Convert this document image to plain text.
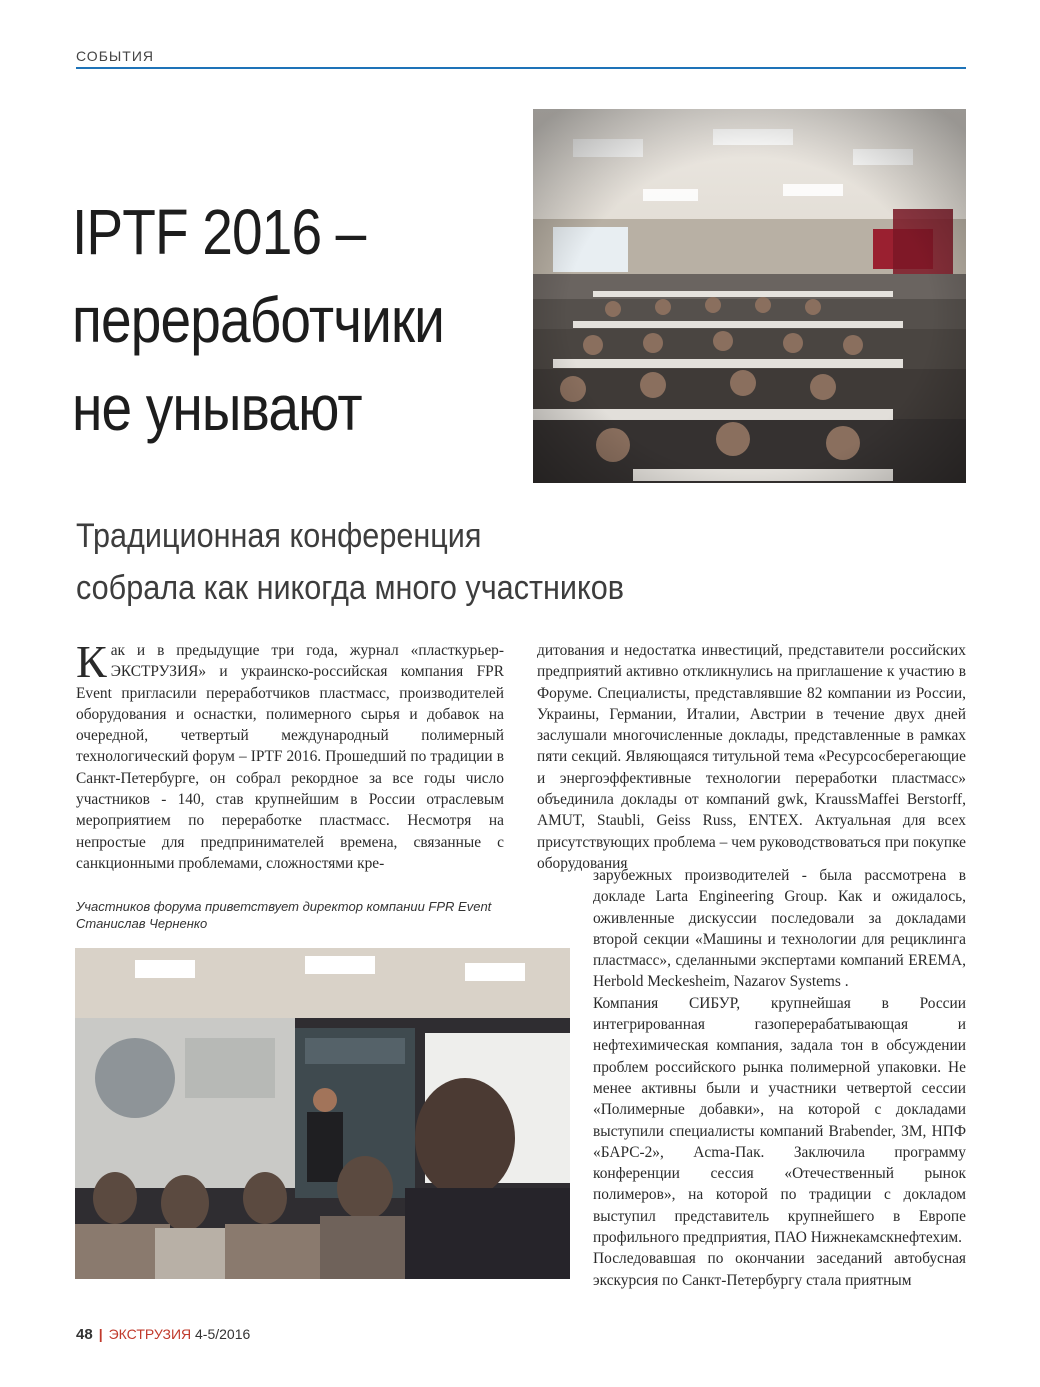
СОБЫТИЯ
IPTF 2016 –
переработчики
не унывают
Традиционная конференция
собрала как никогда много участников

Как и в предыдущие три года, журнал «пласткурьер-ЭКСТРУЗИЯ» и украинско-российская компания FPR Event пригласили переработчиков пластмасс, производителей оборудования и оснастки, полимерного сырья и добавок на очередной, четвертый международный полимерный технологический форум – IPTF 2016. Прошедший по традиции в Санкт-Петербурге, он собрал рекордное за все годы число участников - 140, став крупнейшим в России отраслевым мероприятием по переработке пластмасс. Несмотря на непростые для предпринимателей времена, связанные с санкционными проблемами, сложностями кре-

дитования и недостатка инвестиций, представители российских предприятий активно откликнулись на приглашение к участию в Форуме. Специалисты, представлявшие 82 компании из России, Украины, Германии, Италии, Австрии в течение двух дней заслушали многочисленные доклады, представленные в рамках пяти секций. Являющаяся титульной тема «Ресурсосберегающие и энергоэффективные технологии переработки пластмасс» объединила доклады от компаний gwk, KraussMaffei Berstorff, AMUT, Staubli, Geiss Russ, ENTEX. Актуальная для всех присутствующих проблема – чем руководствоваться при покупке оборудования

зарубежных производителей - была рассмотрена в докладе Larta Engineering Group. Как и ожидалось, оживленные дискуссии последовали за докладами второй секции «Машины и технологии для рециклинга пластмасс», сделанными экспертами компаний EREMA, Herbold Meckesheim, Nazarov Systems .

Компания СИБУР, крупнейшая в России интегрированная газоперерабатывающая и нефтехимическая компания, задала тон в обсуждении проблем российского рынка полимерной упаковки. Не менее активны были и участники четвертой сессии «Полимерные добавки», на которой с докладами выступили специалисты компаний Brabender, 3M, НПФ «БАРС-2», Acma-Пак. Заключила программу конференции сессия «Отечественный рынок полимеров», на которой по традиции с докладом выступил представитель крупнейшего в Европе профильного предприятия, ПАО Нижнекамскнефтехим.

Последовавшая по окончании заседаний автобусная экскурсия по Санкт-Петербургу стала приятным

Участников форума приветствует директор компании FPR Event Станислав Черненко
48 | ЭКСТРУЗИЯ 4-5/2016
